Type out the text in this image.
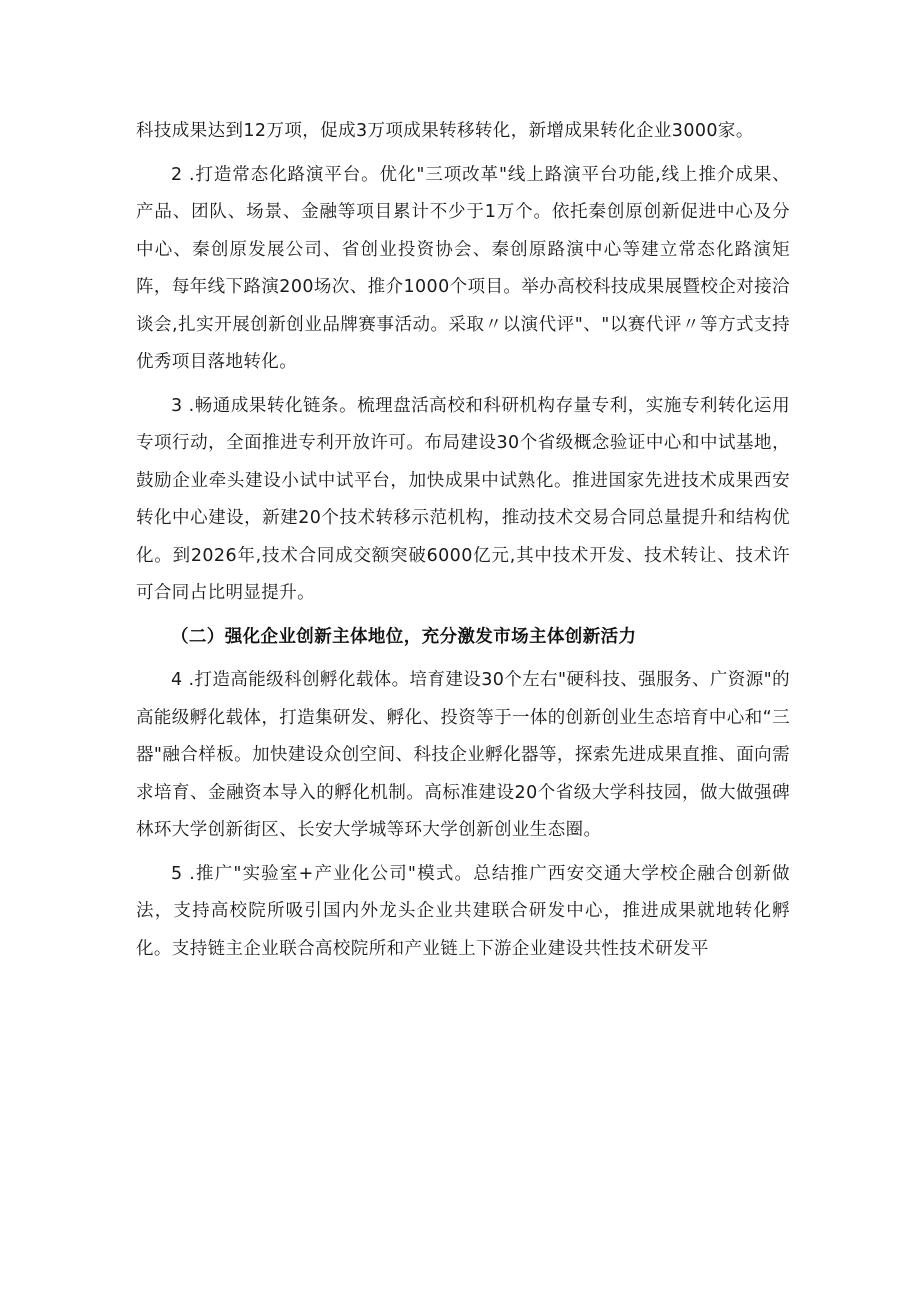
科技成果达到12万项，促成3万项成果转移转化，新增成果转化企业3000家。

2 .打造常态化路演平台。优化"三项改革"线上路演平台功能,线上推介成果、产品、团队、场景、金融等项目累计不少于1万个。依托秦创原创新促进中心及分中心、秦创原发展公司、省创业投资协会、秦创原路演中心等建立常态化路演矩阵，每年线下路演200场次、推介1000个项目。举办高校科技成果展暨校企对接洽谈会,扎实开展创新创业品牌赛事活动。采取〃以演代评"、"以赛代评〃等方式支持优秀项目落地转化。

3 .畅通成果转化链条。梳理盘活高校和科研机构存量专利，实施专利转化运用专项行动，全面推进专利开放许可。布局建设30个省级概念验证中心和中试基地，鼓励企业牵头建设小试中试平台，加快成果中试熟化。推进国家先进技术成果西安转化中心建设，新建20个技术转移示范机构，推动技术交易合同总量提升和结构优化。到2026年,技术合同成交额突破6000亿元,其中技术开发、技术转让、技术许可合同占比明显提升。

（二）强化企业创新主体地位，充分激发市场主体创新活力

4 .打造高能级科创孵化载体。培育建设30个左右"硬科技、强服务、广资源"的高能级孵化载体，打造集研发、孵化、投资等于一体的创新创业生态培育中心和“三器"融合样板。加快建设众创空间、科技企业孵化器等，探索先进成果直推、面向需求培育、金融资本导入的孵化机制。高标准建设20个省级大学科技园，做大做强碑林环大学创新街区、长安大学城等环大学创新创业生态圈。

5 .推广"实验室+产业化公司"模式。总结推广西安交通大学校企融合创新做法，支持高校院所吸引国内外龙头企业共建联合研发中心，推进成果就地转化孵化。支持链主企业联合高校院所和产业链上下游企业建设共性技术研发平
